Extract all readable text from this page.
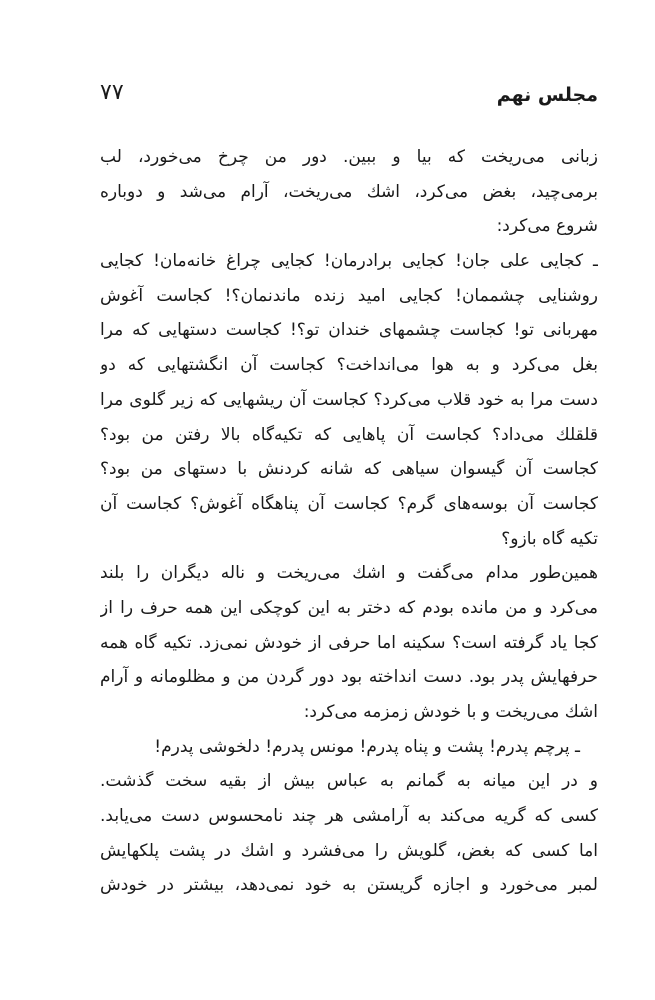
مجلس نهم
۷۷
زبانی می‌ریخت که بیا و ببین. دور من چرخ می‌خورد، لب
برمی‌چید، بغض می‌کرد، اشك می‌ریخت، آرام می‌شد و دوباره
شروع می‌کرد:
ـ کجایی علی جان! کجایی برادرمان! کجایی چراغ خانه‌مان! کجایی
روشنایی چشممان! کجایی امید زنده ماندنمان؟! کجاست آغوش
مهربانی تو! کجاست چشمهای خندان تو؟! کجاست دستهایی که مرا
بغل می‌کرد و به هوا می‌انداخت؟ کجاست آن انگشتهایی که دو
دست مرا به خود قلاب می‌کرد؟ کجاست آن ریشهایی که زیر گلوی مرا
قلقلك می‌داد؟ کجاست آن پاهایی که تکیه‌گاه بالا رفتن من بود؟
کجاست آن گیسوان سیاهی که شانه کردنش با دستهای من بود؟
کجاست آن بوسه‌های گرم؟ کجاست آن پناهگاه آغوش؟ کجاست آن
تکیه گاه بازو؟
همین‌طور مدام می‌گفت و اشك می‌ریخت و ناله دیگران را بلند
می‌کرد و من مانده بودم که دختر به این کوچکی این همه حرف را از
کجا یاد گرفته است؟ سکینه اما حرفی از خودش نمی‌زد. تکیه گاه همه
حرفهایش پدر بود. دست انداخته بود دور گردن من و مظلومانه و آرام
اشك می‌ریخت و با خودش زمزمه می‌کرد:
ـ پرچم پدرم! پشت و پناه پدرم! مونس پدرم! دلخوشی پدرم!
و در این میانه به گمانم به عباس بیش از بقیه سخت گذشت.
کسی که گریه می‌کند به آرامشی هر چند نامحسوس دست می‌یابد.
اما کسی که بغض، گلویش را می‌فشرد و اشك در پشت پلکهایش
لمبر می‌خورد و اجازه گریستن به خود نمی‌دهد، بیشتر در خودش
